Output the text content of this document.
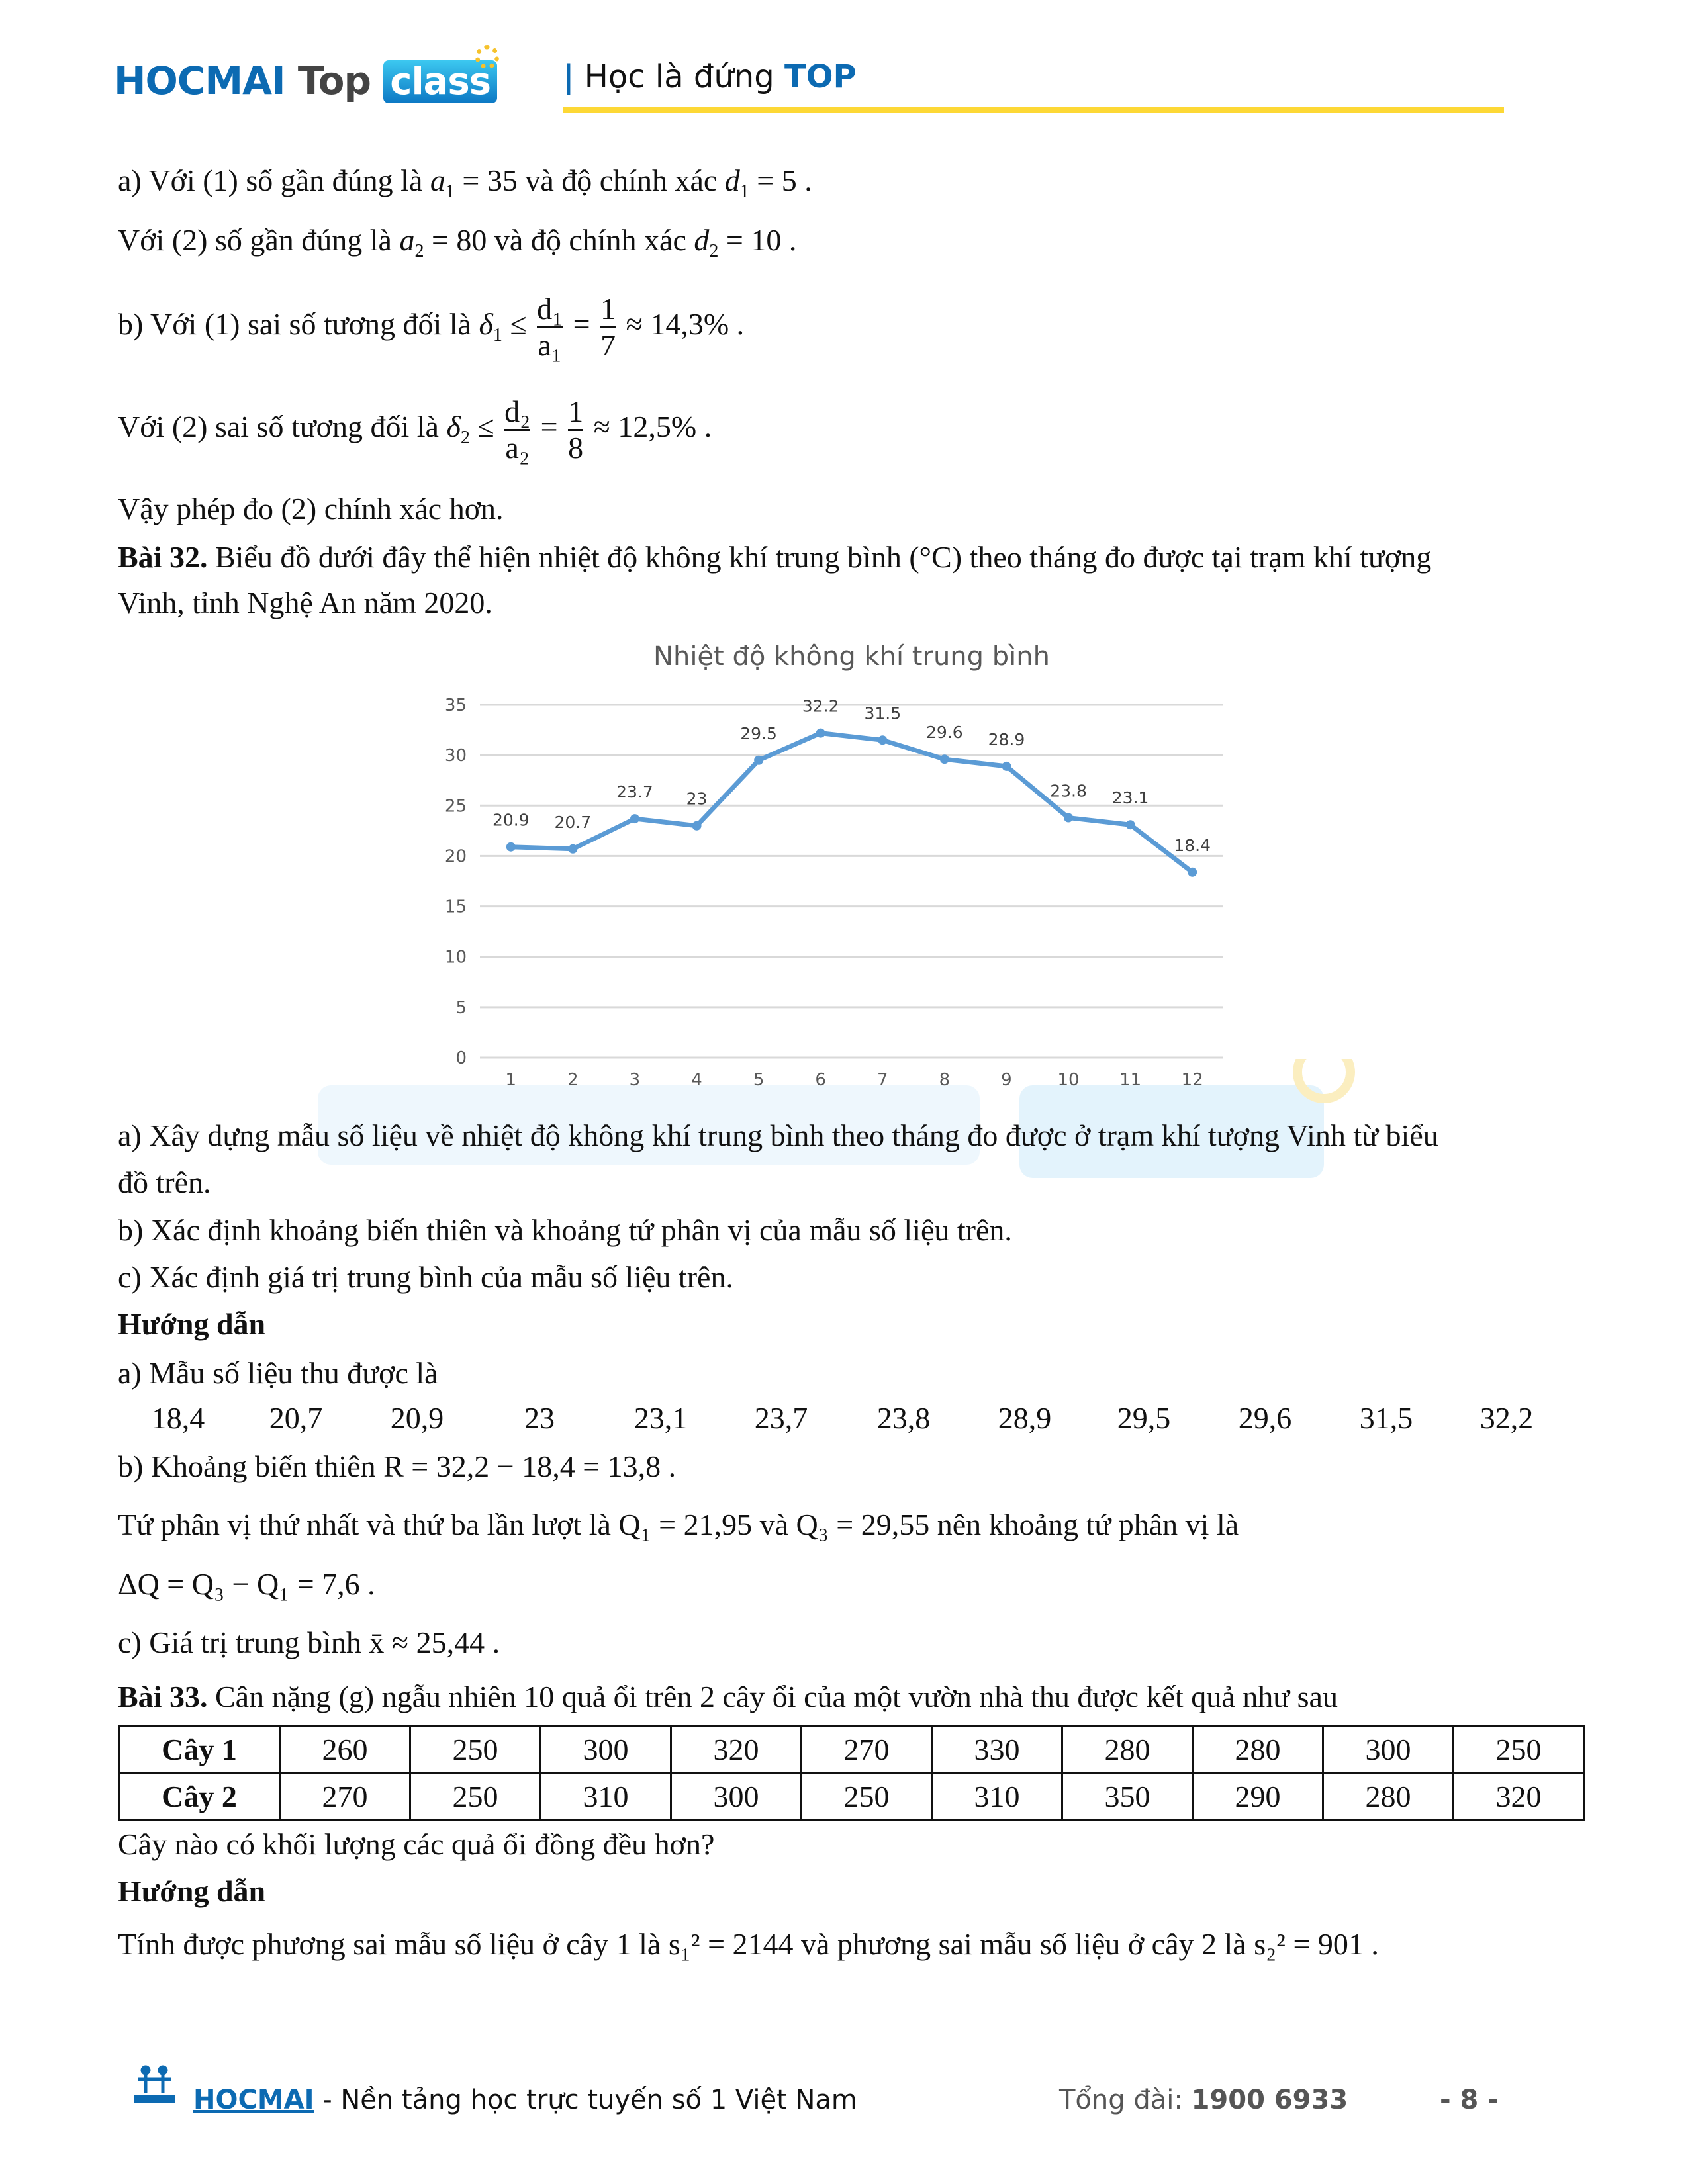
HOCMAI Top class | Học là đứng TOP
a) Với (1) số gần đúng là $a_1 = 35$ và độ chính xác $d_1 = 5$ .
Với (2) số gần đúng là $a_2 = 80$ và độ chính xác $d_2 = 10$ .
b) Với (1) sai số tương đối là $\delta_1 \le \frac{\text{d₁}}{\text{a₁}} = \frac{1}{7} \approx 14,3\%$ .
Với (2) sai số tương đối là $\delta_2 \le \frac{\text{d₂}}{\text{a₂}} = \frac{1}{8} \approx 12,5\%$ .
Vậy phép đo (2) chính xác hơn.
Bài 32. Biểu đồ dưới đây thể hiện nhiệt độ không khí trung bình (°C) theo tháng đo được tại trạm khí tượng
Vinh, tỉnh Nghệ An năm 2020.
Nhiệt độ không khí trung bình
0
5
10
15
20
25
30
35
1	2	3	4	5	6	7	8	9	10 11 12
20.9 20.7
23.7 23
29.5
32.2 31.5
29.6 28.9
23.8 23.1
18.4
a) Xây dựng mẫu số liệu về nhiệt độ không khí trung bình theo tháng đo được ở trạm khí tượng Vinh từ biểu
đồ trên.
b) Xác định khoảng biến thiên và khoảng tứ phân vị của mẫu số liệu trên.
c) Xác định giá trị trung bình của mẫu số liệu trên.
Hướng dẫn
a) Mẫu số liệu thu được là
18,4 20,7 20,9	23	23,1 23,7 23,8 28,9 29,5 29,6 31,5 32,2
b) Khoảng biến thiên R = 32,2 − 18,4 = 13,8 .
Tứ phân vị thứ nhất và thứ ba lần lượt là Q₁ = 21,95 và Q₃ = 29,55 nên khoảng tứ phân vị là
ΔQ = Q₃ − Q₁ = 7,6 .
c) Giá trị trung bình x̄ ≈ 25,44 .
Bài 33. Cân nặng (g) ngẫu nhiên 10 quả ổi trên 2 cây ổi của một vườn nhà thu được kết quả như sau
Cây 1	260	250	300	320	270	330	280	280	300	250
Cây 2	270	250	310	300	250	310	350	290	280	320
Cây nào có khối lượng các quả ổi đồng đều hơn?
Hướng dẫn
Tính được phương sai mẫu số liệu ở cây 1 là s₁² = 2144 và phương sai mẫu số liệu ở cây 2 là s₂² = 901 .
HOCMAI - Nền tảng học trực tuyến số 1 Việt Nam	Tổng đài: 1900 6933	- 8 -
